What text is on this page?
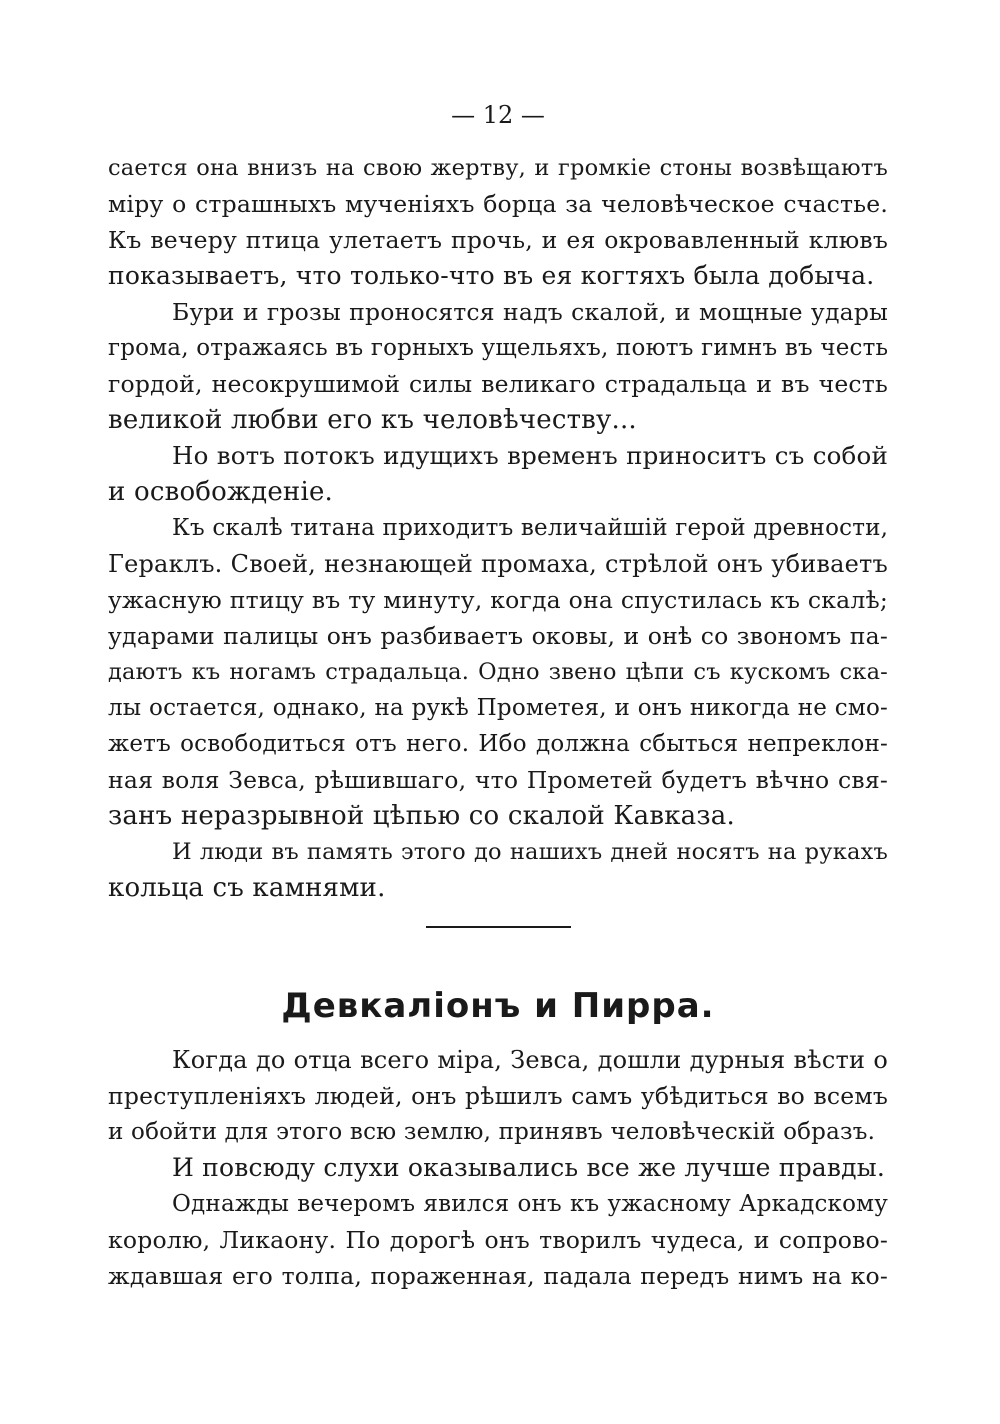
— 12 —
сается она внизъ на свою жертву, и громкіе стоны возвѣщаютъ
міру о страшныхъ мученіяхъ борца за человѣческое счастье.
Къ вечеру птица улетаетъ прочь, и ея окровавленный клювъ
показываетъ, что только-что въ ея когтяхъ была добыча.
Бури и грозы проносятся надъ скалой, и мощные удары
грома, отражаясь въ горныхъ ущельяхъ, поютъ гимнъ въ честь
гордой, несокрушимой силы великаго страдальца и въ честь
великой любви его къ человѣчеству...
Но вотъ потокъ идущихъ временъ приноситъ съ собой
и освобожденіе.
Къ скалѣ титана приходитъ величайшій герой древности,
Гераклъ. Своей, незнающей промаха, стрѣлой онъ убиваетъ
ужасную птицу въ ту минуту, когда она спустилась къ скалѣ;
ударами палицы онъ разбиваетъ оковы, и онѣ со звономъ па-
даютъ къ ногамъ страдальца. Одно звено цѣпи съ кускомъ ска-
лы остается, однако, на рукѣ Прометея, и онъ никогда не смо-
жетъ освободиться отъ него. Ибо должна сбыться непреклон-
ная воля Зевса, рѣшившаго, что Прометей будетъ вѣчно свя-
занъ неразрывной цѣпью со скалой Кавказа.
И люди въ память этого до нашихъ дней носятъ на рукахъ
кольца съ камнями.
Девкаліонъ и Пирра.
Когда до отца всего міра, Зевса, дошли дурныя вѣсти о
преступленіяхъ людей, онъ рѣшилъ самъ убѣдиться во всемъ
и обойти для этого всю землю, принявъ человѣческій образъ.
И повсюду слухи оказывались все же лучше правды.
Однажды вечеромъ явился онъ къ ужасному Аркадскому
королю, Ликаону. По дорогѣ онъ творилъ чудеса, и сопрово-
ждавшая его толпа, пораженная, падала передъ нимъ на ко-
